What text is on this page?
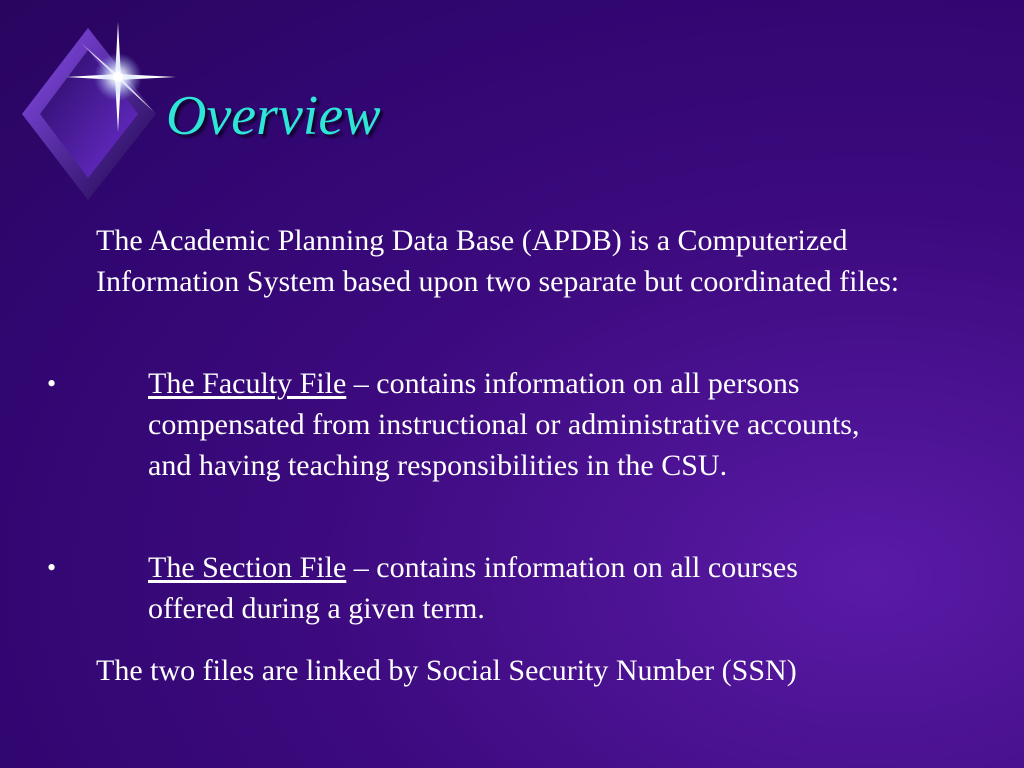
Overview
The Academic Planning Data Base (APDB) is a Computerized Information System based upon two separate but coordinated files:
•	The Faculty File – contains information on all persons compensated from instructional or administrative accounts, and having teaching responsibilities in the CSU.
•	The Section File – contains information on all courses offered during a given term.
The two files are linked by Social Security Number (SSN)
